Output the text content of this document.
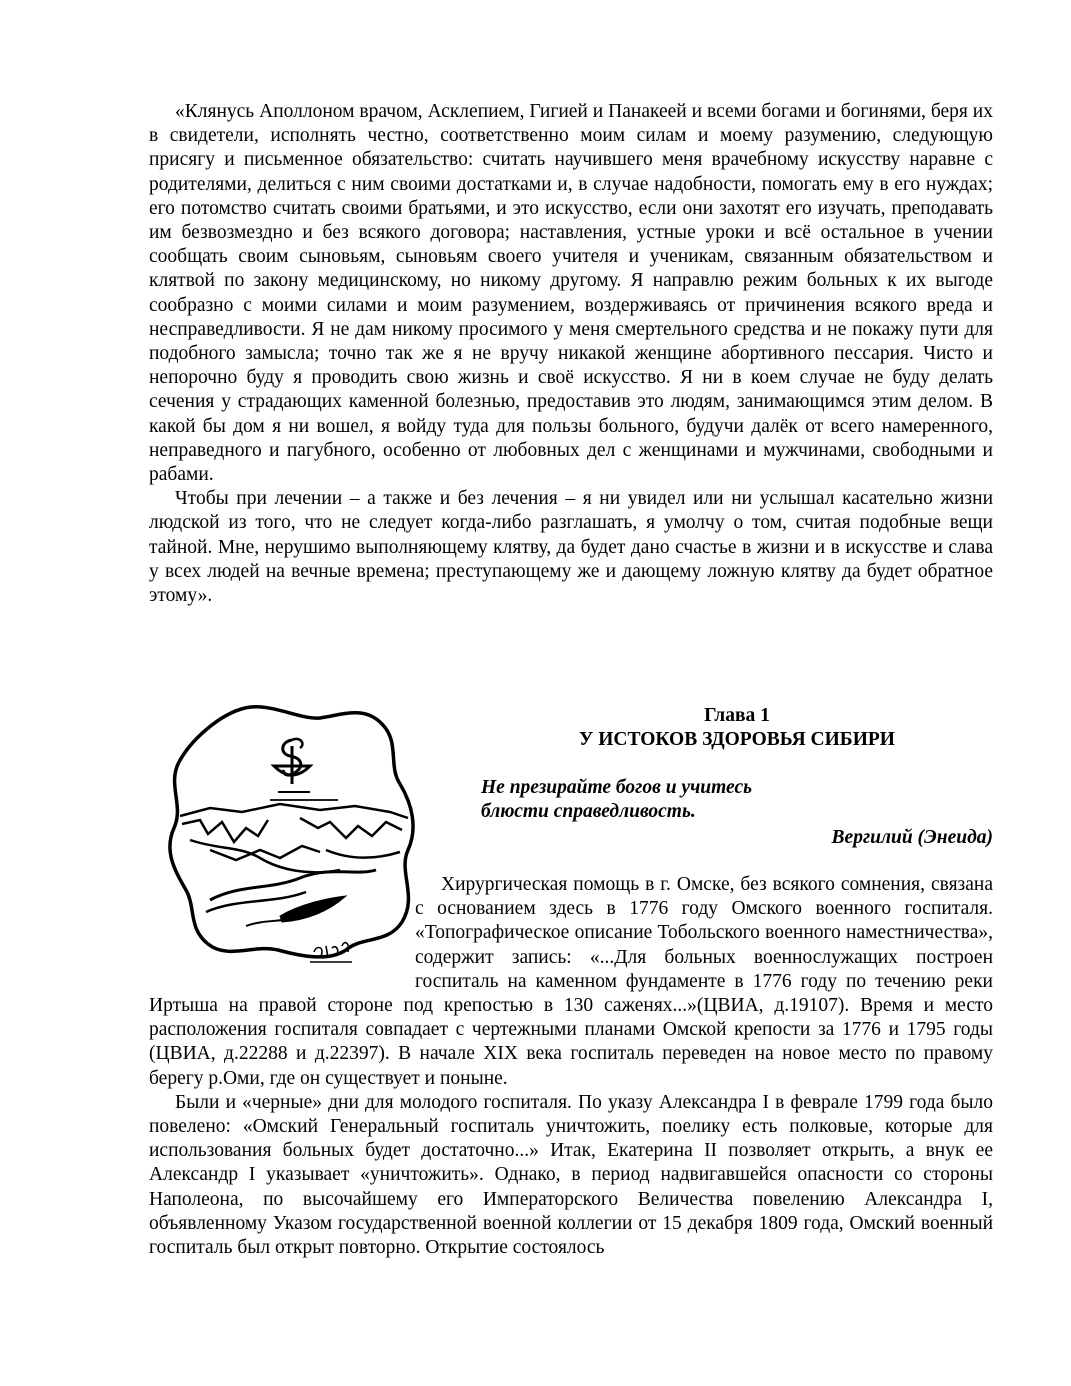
«Клянусь Аполлоном врачом, Асклепием, Гигией и Панакеей и всеми богами и богинями, беря их в свидетели, исполнять честно, соответственно моим силам и моему разумению, следующую присягу и письменное обязательство: считать научившего меня врачебному искусству наравне с родителями, делиться с ним своими достатками и, в случае надобности, помогать ему в его нуждах; его потомство считать своими братьями, и это искусство, если они захотят его изучать, преподавать им безвозмездно и без всякого договора; наставления, устные уроки и всё остальное в учении сообщать своим сыновьям, сыновьям своего учителя и ученикам, связанным обязательством и клятвой по закону медицинскому, но никому другому. Я направлю режим больных к их выгоде сообразно с моими силами и моим разумением, воздерживаясь от причинения всякого вреда и несправедливости. Я не дам никому просимого у меня смертельного средства и не покажу пути для подобного замысла; точно так же я не вручу никакой женщине абортивного пессария. Чисто и непорочно буду я проводить свою жизнь и своё искусство. Я ни в коем случае не буду делать сечения у страдающих каменной болезнью, предоставив это людям, занимающимся этим делом. В какой бы дом я ни вошел, я войду туда для пользы больного, будучи далёк от всего намеренного, неправедного и пагубного, особенно от любовных дел с женщинами и мужчинами, свободными и рабами.

Чтобы при лечении – а также и без лечения – я ни увидел или ни услышал касательно жизни людской из того, что не следует когда-либо разглашать, я умолчу о том, считая подобные вещи тайной. Мне, нерушимо выполняющему клятву, да будет дано счастье в жизни и в искусстве и слава у всех людей на вечные времена; преступающему же и дающему ложную клятву да будет обратное этому».

Глава 1

У ИСТОКОВ ЗДОРОВЬЯ СИБИРИ

Не презирайте богов и учитесь
блюсти справедливость.
Вергилий (Энеида)

Хирургическая помощь в г. Омске, без всякого сомнения, связана с основанием здесь в 1776 году Омского военного госпиталя. «Топографическое описание Тобольского военного наместничества», содержит запись: «...Для больных военнослужащих построен госпиталь на каменном фундаменте в 1776 году по течению реки Иртыша на правой стороне под крепостью в 130 саженях...»(ЦВИА, д.19107). Время и место расположения госпиталя совпадает с чертежными планами Омской крепости за 1776 и 1795 годы (ЦВИА, д.22288 и д.22397). В начале XIX века госпиталь переведен на новое место по правому берегу р.Оми, где он существует и поныне.

Были и «черные» дни для молодого госпиталя. По указу Александра I в феврале 1799 года было повелено: «Омский Генеральный госпиталь уничтожить, поелику есть полковые, которые для использования больных будет достаточно...» Итак, Екатерина II позволяет открыть, а внук ее Александр I указывает «уничтожить». Однако, в период надвигавшейся опасности со стороны Наполеона, по высочайшему его Императорского Величества повелению Александра I, объявленному Указом государственной военной коллегии от 15 декабря 1809 года, Омский военный госпиталь был открыт повторно. Открытие состоялось
